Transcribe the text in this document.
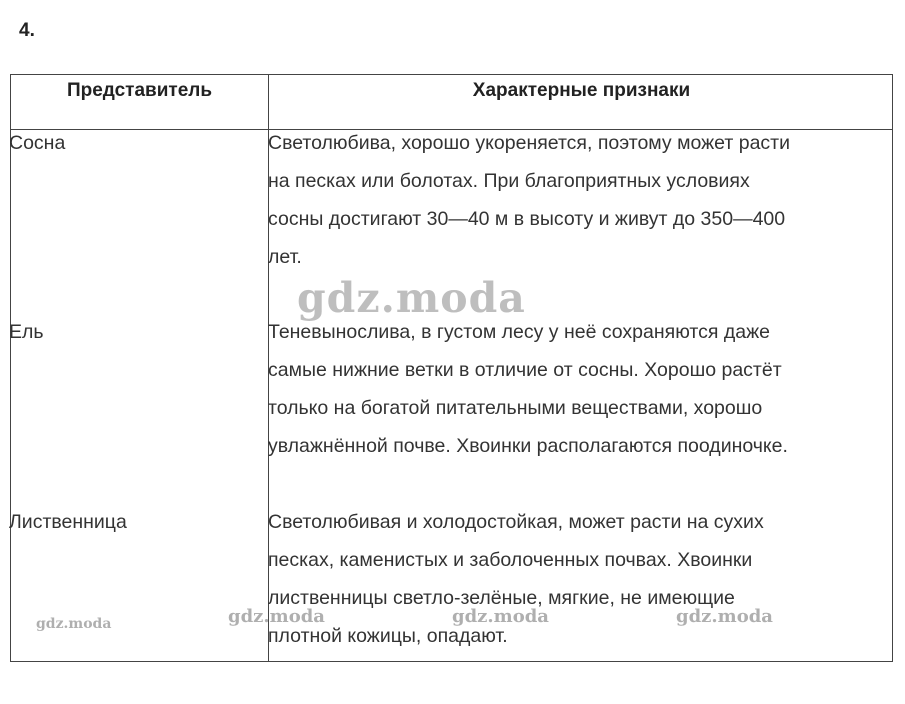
4.
Представитель	Характерные признаки
Сосна	Светолюбива, хорошо укореняется, поэтому может расти
на песках или болотах. При благоприятных условиях
сосны достигают 30—40 м в высоту и живут до 350—400
лет.
Ель	Теневынослива, в густом лесу у неё сохраняются даже
самые нижние ветки в отличие от сосны. Хорошо растёт
только на богатой питательными веществами, хорошо
увлажнённой почве. Хвоинки располагаются поодиночке.
Лиственница	Светолюбивая и холодостойкая, может расти на сухих
песках, каменистых и заболоченных почвах. Хвоинки
лиственницы светло-зелёные, мягкие, не имеющие
плотной кожицы, опадают.
gdz.moda
gdz.moda	gdz.moda	gdz.moda	gdz.moda
